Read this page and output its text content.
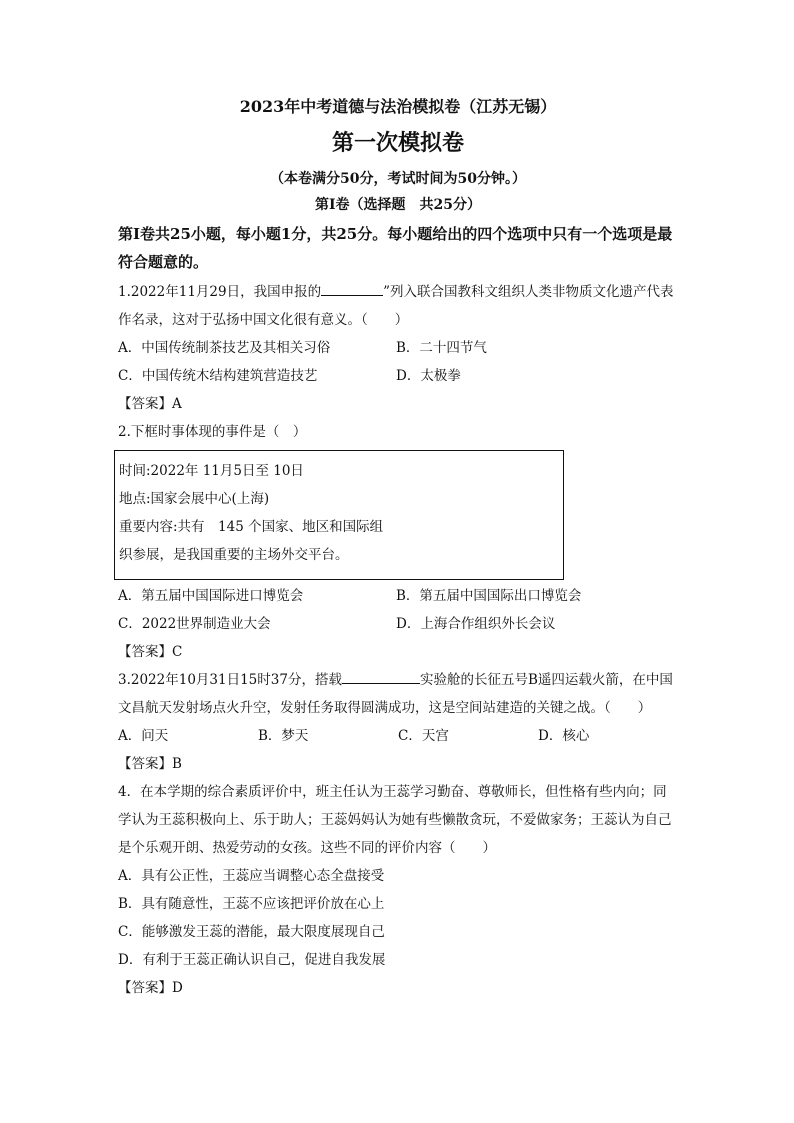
2023年中考道德与法治模拟卷（江苏无锡）
第一次模拟卷
（本卷满分50分，考试时间为50分钟。）
第I卷（选择题　共25分）
第I卷共25小题，每小题1分，共25分。每小题给出的四个选项中只有一个选项是最符合题意的。
1.2022年11月29日，我国申报的	”列入联合国教科文组织人类非物质文化遗产代表作名录，这对于弘扬中国文化很有意义。（　　）
A．中国传统制茶技艺及其相关习俗	B．二十四节气
C．中国传统木结构建筑营造技艺	D．太极拳
【答案】A
2.下框时事体现的事件是（　）
时间:2022年 11月5日至 10日
地点:国家会展中心(上海)
重要内容:共有　145 个国家、地区和国际组
织参展，是我国重要的主场外交平台。
A．第五届中国国际进口博览会	B．第五届中国国际出口博览会
C．2022世界制造业大会	D．上海合作组织外长会议
【答案】C
3.2022年10月31日15时37分，搭载	实验舱的长征五号B遥四运载火箭，在中国文昌航天发射场点火升空，发射任务取得圆满成功，这是空间站建造的关键之战。（　　）
A．问天	B．梦天	C．天宫	D．核心
【答案】B
4．在本学期的综合素质评价中，班主任认为王蕊学习勤奋、尊敬师长，但性格有些内向；同学认为王蕊积极向上、乐于助人；王蕊妈妈认为她有些懒散贪玩，不爱做家务；王蕊认为自己是个乐观开朗、热爱劳动的女孩。这些不同的评价内容（　　）
A．具有公正性，王蕊应当调整心态全盘接受
B．具有随意性，王蕊不应该把评价放在心上
C．能够激发王蕊的潜能，最大限度展现自己
D．有利于王蕊正确认识自己，促进自我发展
【答案】D
